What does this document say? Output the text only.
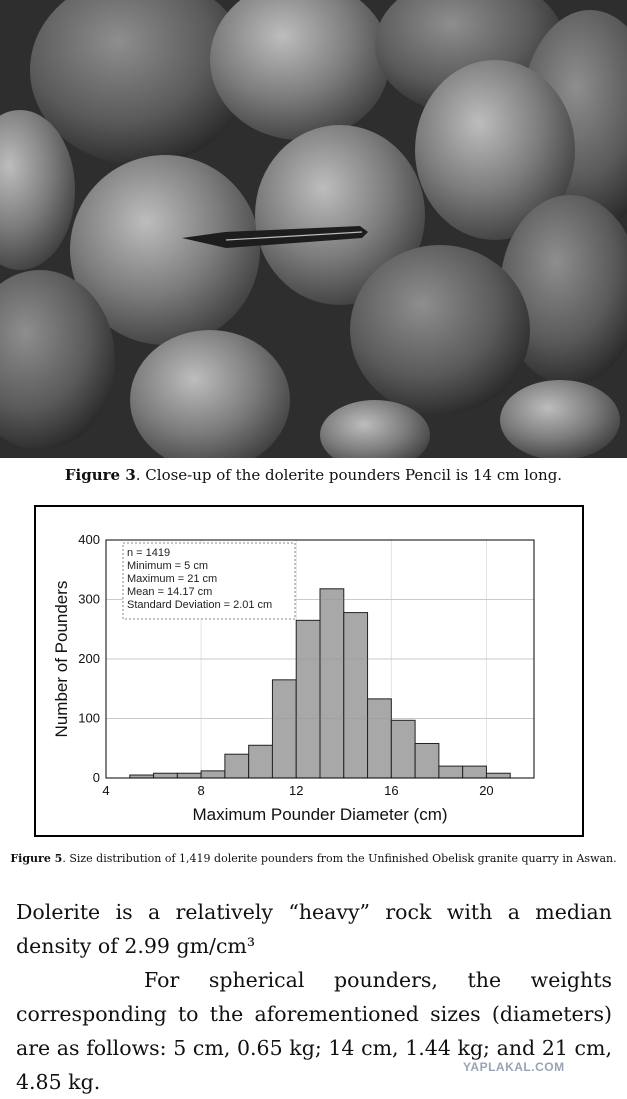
Figure 3. Close-up of the dolerite pounders Pencil is 14 cm long.
0
100
200
300
400
4	8	12	16	20
n = 1419
Minimum = 5 cm
Maximum = 21 cm
Mean = 14.17 cm
Standard Deviation = 2.01 cm
Maximum Pounder Diameter (cm)
Number of Pounders
Figure 5. Size distribution of 1,419 dolerite pounders from the Unfinished Obelisk granite quarry in Aswan.

Dolerite is a relatively “heavy” rock with a median density of 2.99 gm/cm³

For spherical pounders, the weights corresponding to the aforementioned sizes (diameters) are as follows: 5 cm, 0.65 kg; 14 cm, 1.44 kg; and 21 cm, 4.85 kg.

YAPLAKAL.COM
